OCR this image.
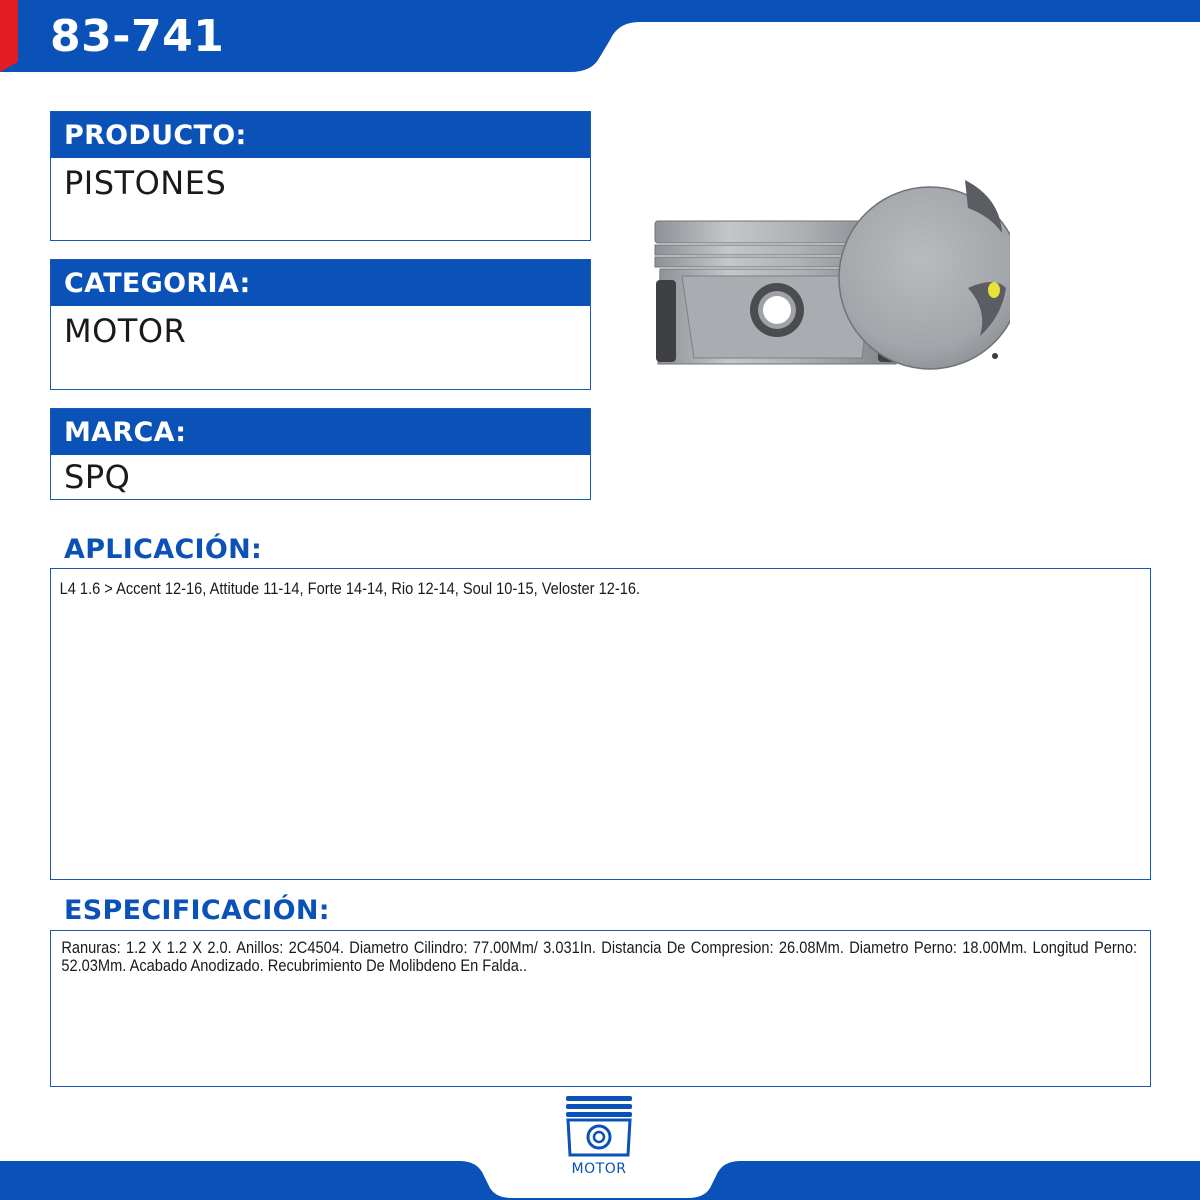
83-741
PRODUCTO:
PISTONES
CATEGORIA:
MOTOR
MARCA:
SPQ
APLICACIÓN:
L4 1.6 > Accent 12-16, Attitude 11-14, Forte 14-14, Rio 12-14, Soul 10-15, Veloster 12-16.
ESPECIFICACIÓN:
Ranuras: 1.2 X 1.2 X 2.0. Anillos: 2C4504. Diametro Cilindro: 77.00Mm/ 3.031In. Distancia De Compresion: 26.08Mm. Diametro Perno: 18.00Mm. Longitud Perno: 52.03Mm. Acabado Anodizado. Recubrimiento De Molibdeno En Falda..
MOTOR
